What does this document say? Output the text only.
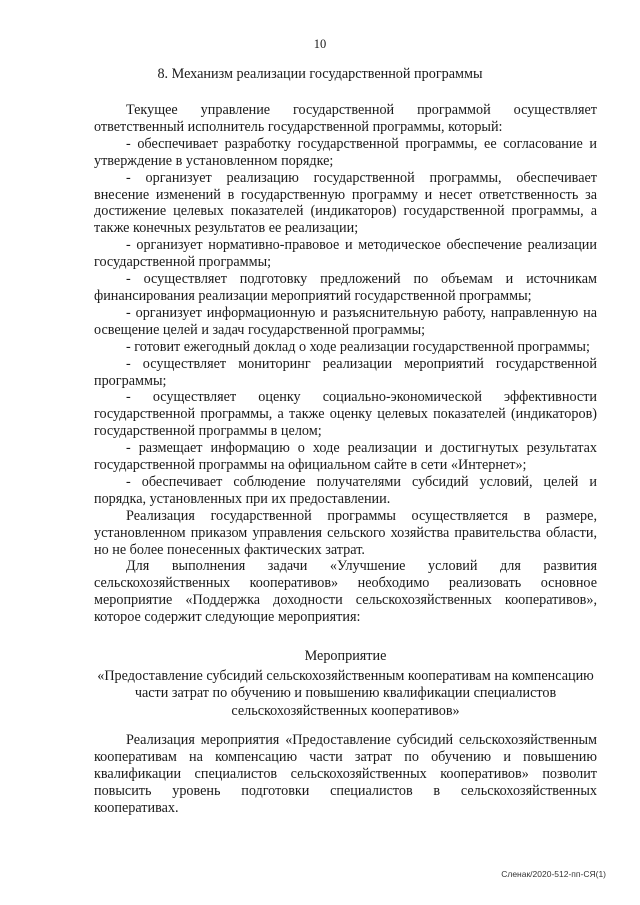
10
8. Механизм реализации государственной программы

Текущее управление государственной программой осуществляет ответственный исполнитель государственной программы, который:

- обеспечивает разработку государственной программы, ее согласование и утверждение в установленном порядке;

- организует реализацию государственной программы, обеспечивает внесение изменений в государственную программу и несет ответственность за достижение целевых показателей (индикаторов) государственной программы, а также конечных результатов ее реализации;

- организует нормативно-правовое и методическое обеспечение реализации государственной программы;

- осуществляет подготовку предложений по объемам и источникам финансирования реализации мероприятий государственной программы;

- организует информационную и разъяснительную работу, направленную на освещение целей и задач государственной программы;

- готовит ежегодный доклад о ходе реализации государственной программы;

- осуществляет мониторинг реализации мероприятий государственной программы;

- осуществляет оценку социально-экономической эффективности государственной программы, а также оценку целевых показателей (индикаторов) государственной программы в целом;

- размещает информацию о ходе реализации и достигнутых результатах государственной программы на официальном сайте в сети «Интернет»;

- обеспечивает соблюдение получателями субсидий условий, целей и порядка, установленных при их предоставлении.

Реализация государственной программы осуществляется в размере, установленном приказом управления сельского хозяйства правительства области, но не более понесенных фактических затрат.

Для выполнения задачи «Улучшение условий для развития сельскохозяйственных кооперативов» необходимо реализовать основное мероприятие «Поддержка доходности сельскохозяйственных кооперативов», которое содержит следующие мероприятия:

Мероприятие

«Предоставление субсидий сельскохозяйственным кооперативам на компенсацию части затрат по обучению и повышению квалификации специалистов сельскохозяйственных кооперативов»

Реализация мероприятия «Предоставление субсидий сельскохозяйственным кооперативам на компенсацию части затрат по обучению и повышению квалификации специалистов сельскохозяйственных кооперативов» позволит повысить уровень подготовки специалистов в сельскохозяйственных кооперативах.

Сленак/2020-512-пп-СЯ(1)
